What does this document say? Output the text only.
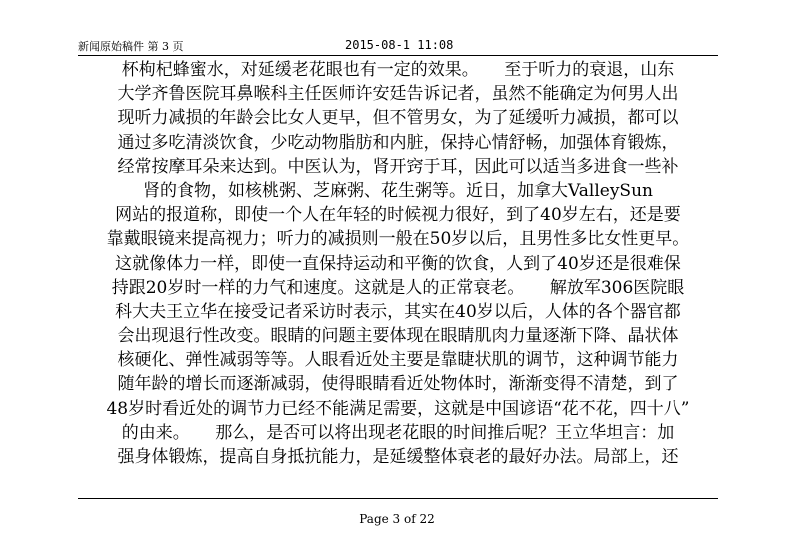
新闻原始稿件 第 3 页	2015-08-1 11:08
杯枸杞蜂蜜水，对延缓老花眼也有一定的效果。　　至于听力的衰退，山东
大学齐鲁医院耳鼻喉科主任医师许安廷告诉记者，虽然不能确定为何男人出
现听力减损的年龄会比女人更早，但不管男女，为了延缓听力减损，都可以
通过多吃清淡饮食，少吃动物脂肪和内脏，保持心情舒畅，加强体育锻炼，
经常按摩耳朵来达到。中医认为，肾开窍于耳，因此可以适当多进食一些补
肾的食物，如核桃粥、芝麻粥、花生粥等。近日，加拿大ValleySun
网站的报道称，即使一个人在年轻的时候视力很好，到了40岁左右，还是要
靠戴眼镜来提高视力；听力的减损则一般在50岁以后，且男性多比女性更早。
这就像体力一样，即使一直保持运动和平衡的饮食，人到了40岁还是很难保
持跟20岁时一样的力气和速度。这就是人的正常衰老。　　解放军306医院眼
科大夫王立华在接受记者采访时表示，其实在40岁以后，人体的各个器官都
会出现退行性改变。眼睛的问题主要体现在眼睛肌肉力量逐渐下降、晶状体
核硬化、弹性减弱等等。人眼看近处主要是靠睫状肌的调节，这种调节能力
随年龄的增长而逐渐减弱，使得眼睛看近处物体时，渐渐变得不清楚，到了
48岁时看近处的调节力已经不能满足需要，这就是中国谚语“花不花，四十八”
的由来。　　那么，是否可以将出现老花眼的时间推后呢？王立华坦言：加
强身体锻炼，提高自身抵抗能力，是延缓整体衰老的最好办法。局部上，还
Page 3 of 22
